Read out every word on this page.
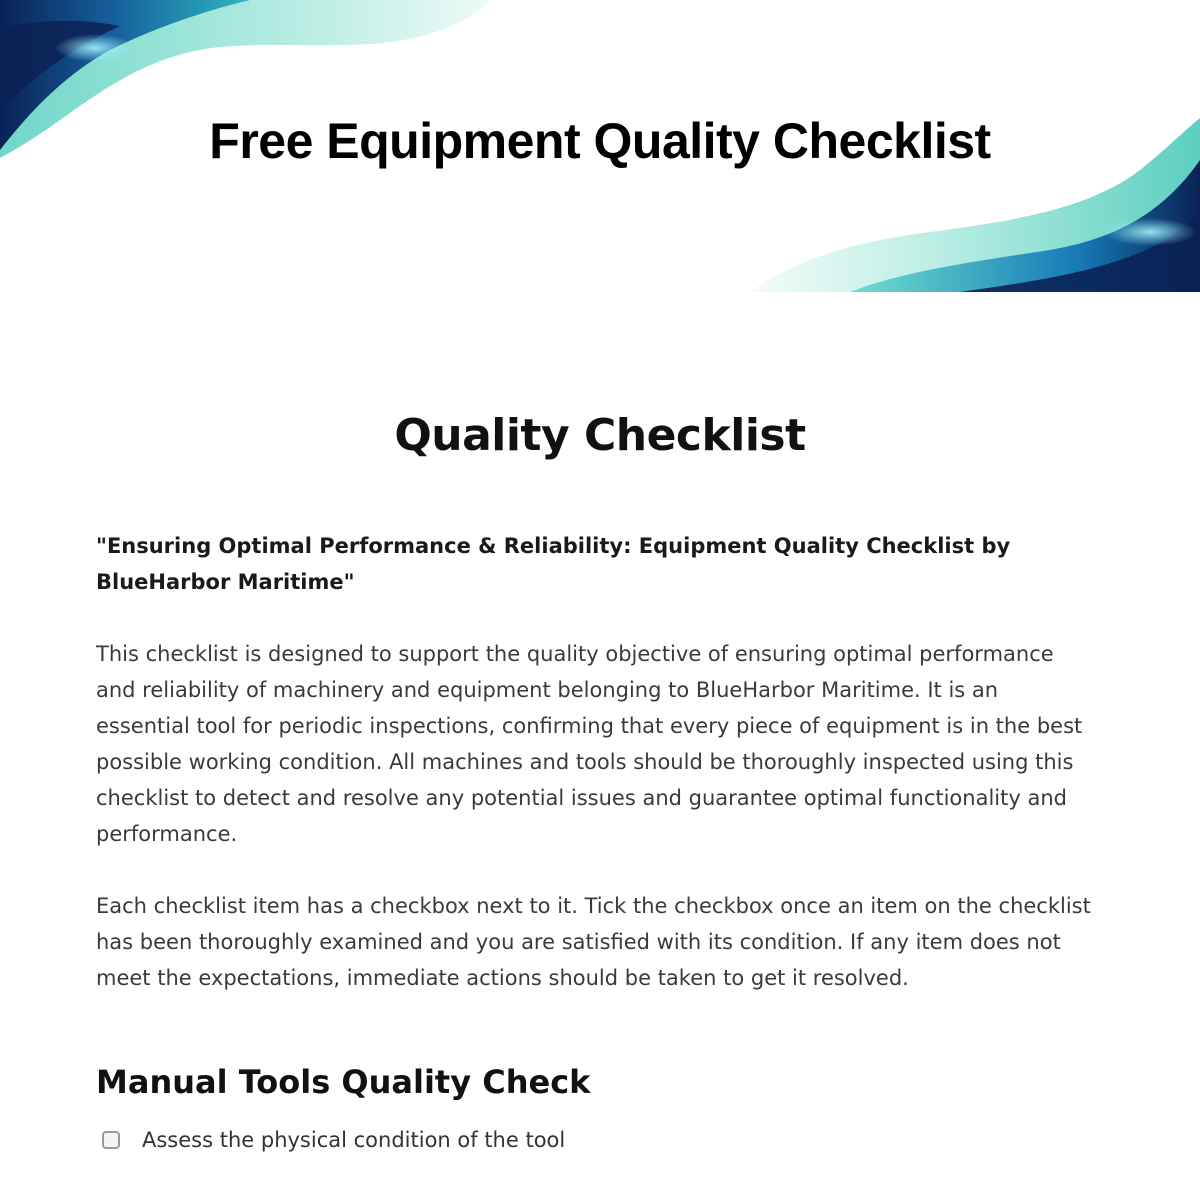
Free Equipment Quality Checklist
Quality Checklist

"Ensuring Optimal Performance & Reliability: Equipment Quality Checklist by BlueHarbor Maritime"

This checklist is designed to support the quality objective of ensuring optimal performance and reliability of machinery and equipment belonging to BlueHarbor Maritime. It is an essential tool for periodic inspections, confirming that every piece of equipment is in the best possible working condition. All machines and tools should be thoroughly inspected using this checklist to detect and resolve any potential issues and guarantee optimal functionality and performance.

Each checklist item has a checkbox next to it. Tick the checkbox once an item on the checklist has been thoroughly examined and you are satisfied with its condition. If any item does not meet the expectations, immediate actions should be taken to get it resolved.

Manual Tools Quality Check
Assess the physical condition of the tool
